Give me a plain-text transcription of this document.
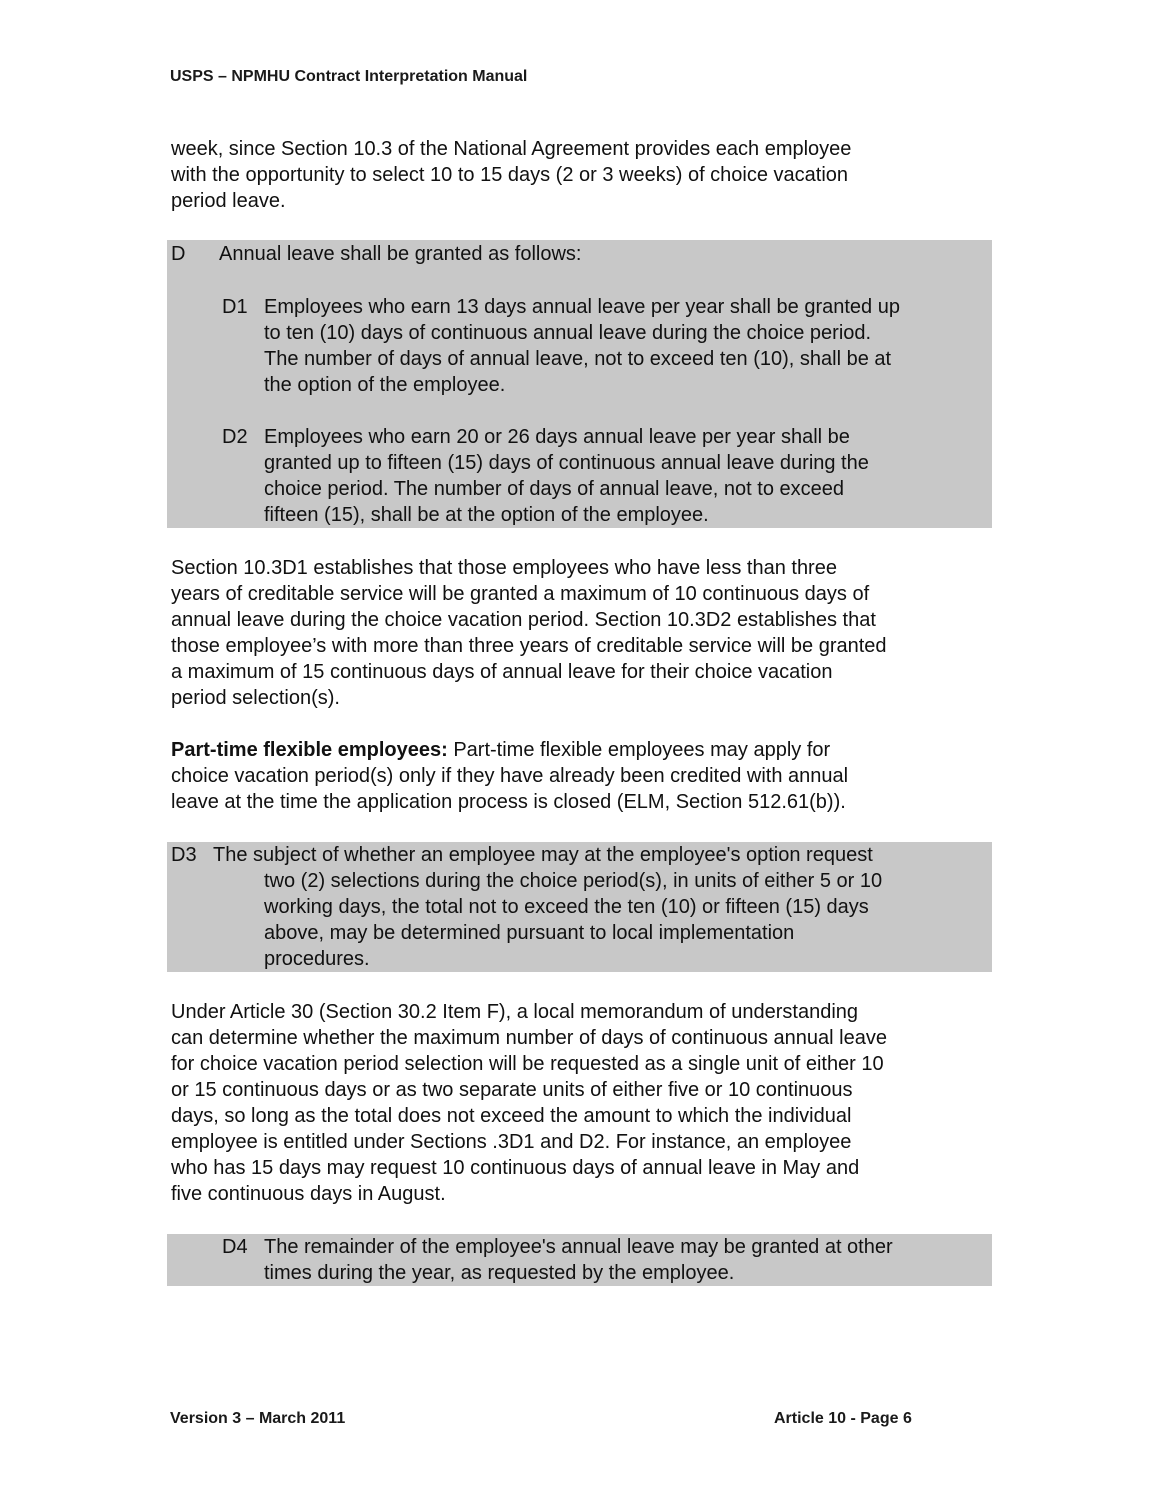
USPS – NPMHU Contract Interpretation Manual
week, since Section 10.3 of the National Agreement provides each employee
with the opportunity to select 10 to 15 days (2 or 3 weeks) of choice vacation
period leave.
D Annual leave shall be granted as follows:
D1 Employees who earn 13 days annual leave per year shall be granted up
to ten (10) days of continuous annual leave during the choice period.
The number of days of annual leave, not to exceed ten (10), shall be at
the option of the employee.
D2 Employees who earn 20 or 26 days annual leave per year shall be
granted up to fifteen (15) days of continuous annual leave during the
choice period. The number of days of annual leave, not to exceed
fifteen (15), shall be at the option of the employee.
Section 10.3D1 establishes that those employees who have less than three
years of creditable service will be granted a maximum of 10 continuous days of
annual leave during the choice vacation period. Section 10.3D2 establishes that
those employee’s with more than three years of creditable service will be granted
a maximum of 15 continuous days of annual leave for their choice vacation
period selection(s).
Part-time flexible employees: Part-time flexible employees may apply for
choice vacation period(s) only if they have already been credited with annual
leave at the time the application process is closed (ELM, Section 512.61(b)).
D3 The subject of whether an employee may at the employee's option request
two (2) selections during the choice period(s), in units of either 5 or 10
working days, the total not to exceed the ten (10) or fifteen (15) days
above, may be determined pursuant to local implementation
procedures.
Under Article 30 (Section 30.2 Item F), a local memorandum of understanding
can determine whether the maximum number of days of continuous annual leave
for choice vacation period selection will be requested as a single unit of either 10
or 15 continuous days or as two separate units of either five or 10 continuous
days, so long as the total does not exceed the amount to which the individual
employee is entitled under Sections .3D1 and D2. For instance, an employee
who has 15 days may request 10 continuous days of annual leave in May and
five continuous days in August.
D4 The remainder of the employee's annual leave may be granted at other
times during the year, as requested by the employee.
Version 3 – March 2011	Article 10 - Page 6
